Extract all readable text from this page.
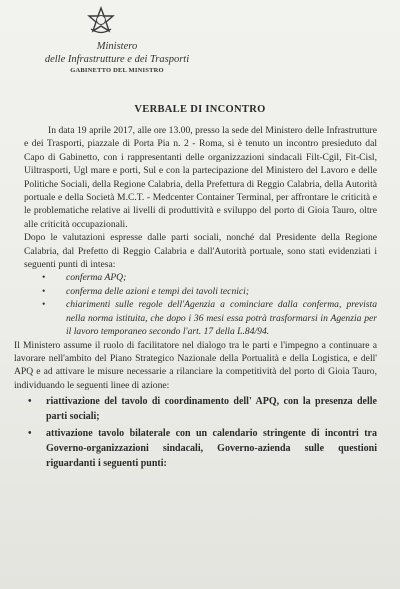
Ministero
delle Infrastrutture e dei Trasporti
GABINETTO DEL MINISTRO
VERBALE DI INCONTRO

In data 19 aprile 2017, alle ore 13.00, presso la sede del Ministero delle Infrastrutture e dei Trasporti, piazzale di Porta Pia n. 2 - Roma, si è tenuto un incontro presieduto dal Capo di Gabinetto, con i rappresentanti delle organizzazioni sindacali Filt-Cgil, Fit-Cisl, Uiltrasporti, Ugl mare e porti, Sul e con la partecipazione del Ministero del Lavoro e delle Politiche Sociali, della Regione Calabria, della Prefettura di Reggio Calabria, della Autorità portuale e della Società M.C.T. - Medcenter Container Terminal, per affrontare le criticità e le problematiche relative ai livelli di produttività e sviluppo del porto di Gioia Tauro, oltre alle criticità occupazionali.

Dopo le valutazioni espresse dalle parti sociali, nonché dal Presidente della Regione Calabria, dal Prefetto di Reggio Calabria e dall'Autorità portuale, sono stati evidenziati i seguenti punti di intesa:

• conferma APQ;
• conferma delle azioni e tempi dei tavoli tecnici;
• chiarimenti sulle regole dell'Agenzia a cominciare dalla conferma, prevista nella norma istituita, che dopo i 36 mesi essa potrà trasformarsi in Agenzia per il lavoro temporaneo secondo l'art. 17 della L.84/94.

Il Ministero assume il ruolo di facilitatore nel dialogo tra le parti e l'impegno a continuare a lavorare nell'ambito del Piano Strategico Nazionale della Portualità e della Logistica, e dell' APQ e ad attivare le misure necessarie a rilanciare la competitività del porto di Gioia Tauro, individuando le seguenti linee di azione:

• riattivazione del tavolo di coordinamento dell' APQ, con la presenza delle parti sociali;
• attivazione tavolo bilaterale con un calendario stringente di incontri tra Governo-organizzazioni sindacali, Governo-azienda sulle questioni riguardanti i seguenti punti:
